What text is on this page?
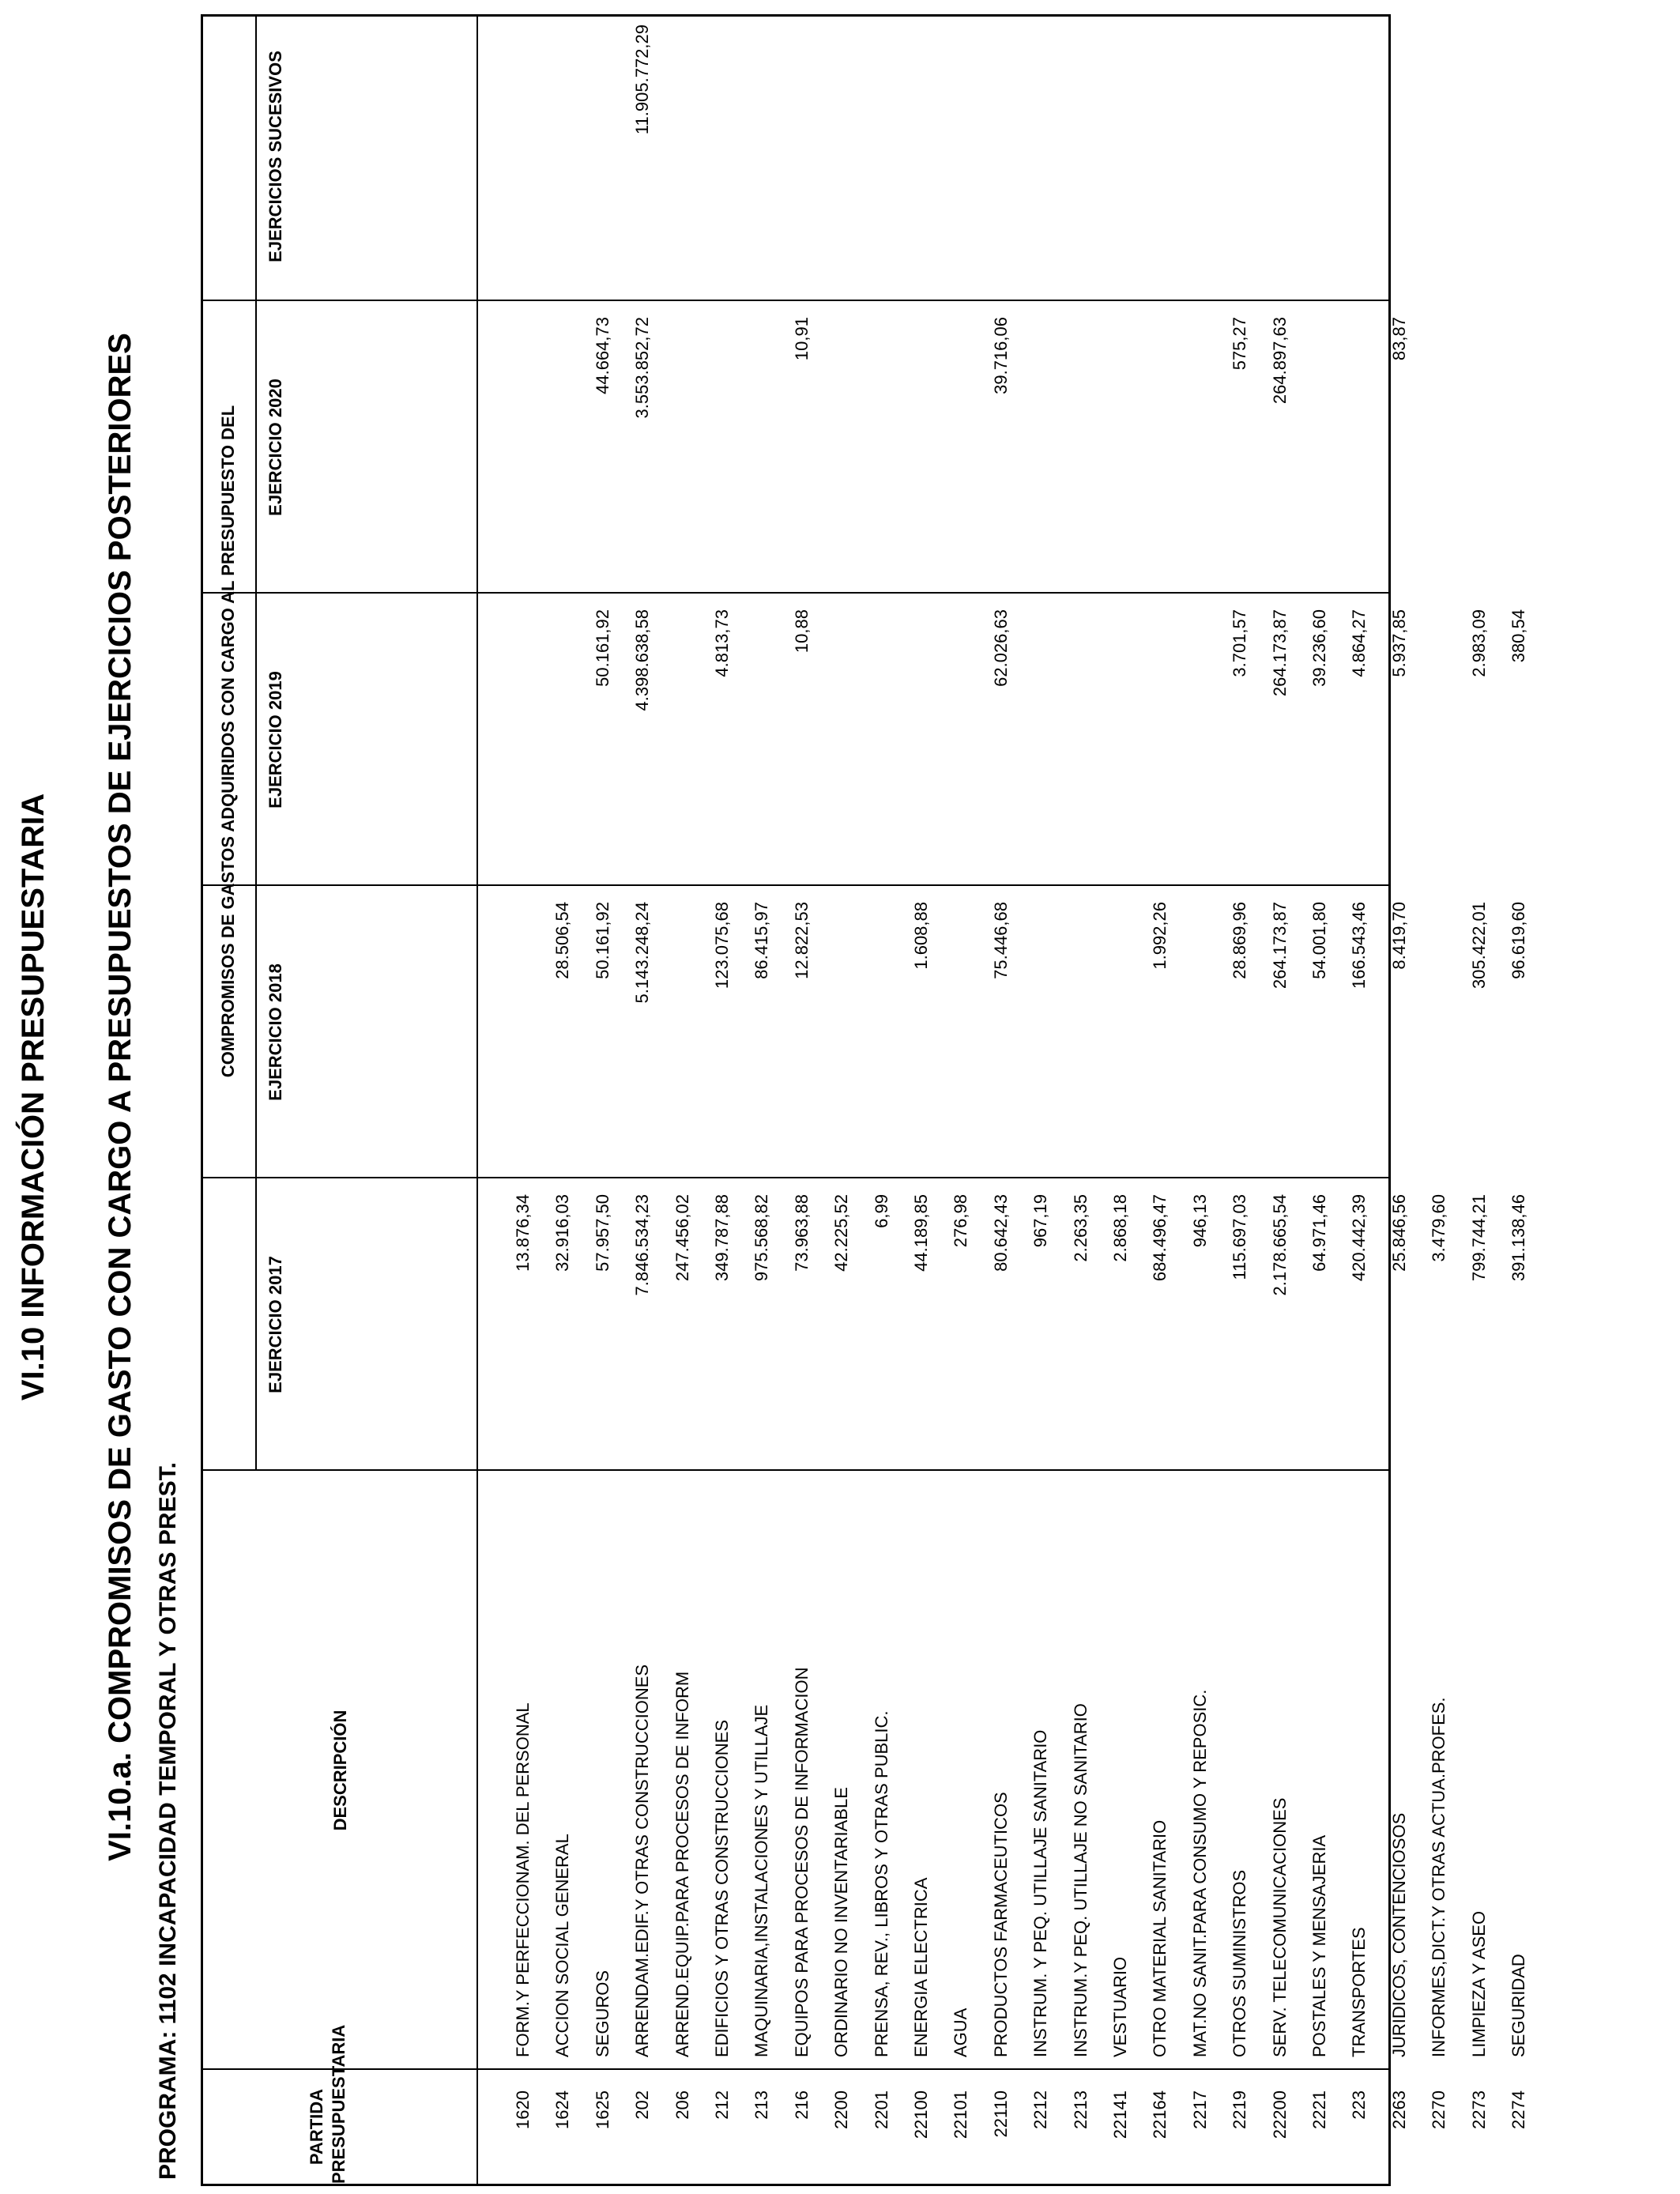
VI.10 INFORMACIÓN PRESUPUESTARIA VI.10.a. COMPROMISOS DE GASTO CON CARGO A PRESUPUESTOS DE EJERCICIOS POSTERIORES PROGRAMA: 1102 INCAPACIDAD TEMPORAL Y OTRAS PREST.	PARTIDA PRESUPUESTARIA
DESCRIPCIÓN
COMPROMISOS DE GASTOS ADQUIRIDOS CON CARGO AL PRESUPUESTO DEL
EJERCICIO 2017
EJERCICIO 2018
EJERCICIO 2019
EJERCICIO 2020
EJERCICIOS SUCESIVOS
1620
FORM.Y PERFECCIONAM. DEL PERSONAL
13.876,34
1624
ACCION SOCIAL GENERAL
32.916,03
28.506,54
1625
SEGUROS
57.957,50
50.161,92
50.161,92
44.664,73
202
ARRENDAM.EDIF.Y OTRAS CONSTRUCCIONES
7.846.534,23
5.143.248,24
4.398.638,58
3.553.852,72
11.905.772,29
206
ARREND.EQUIP.PARA PROCESOS DE INFORM
247.456,02
212
EDIFICIOS Y OTRAS CONSTRUCCIONES
349.787,88
123.075,68
4.813,73
213
MAQUINARIA,INSTALACIONES Y UTILLAJE
975.568,82
86.415,97
216
EQUIPOS PARA PROCESOS DE INFORMACION
73.963,88
12.822,53
10,88
10,91
2200
ORDINARIO NO INVENTARIABLE
42.225,52
2201
PRENSA, REV., LIBROS Y OTRAS PUBLIC.
6,99
22100
ENERGIA ELECTRICA
44.189,85
1.608,88
22101
AGUA
276,98
22110
PRODUCTOS FARMACEUTICOS
80.642,43
75.446,68
62.026,63
39.716,06
2212
INSTRUM. Y PEQ. UTILLAJE SANITARIO
967,19
2213
INSTRUM.Y PEQ. UTILLAJE NO SANITARIO
2.263,35
22141
VESTUARIO
2.868,18
22164
OTRO MATERIAL SANITARIO
684.496,47
1.992,26
2217
MAT.NO SANIT.PARA CONSUMO Y REPOSIC.
946,13
2219
OTROS SUMINISTROS
115.697,03
28.869,96
3.701,57
575,27
22200
SERV. TELECOMUNICACIONES
2.178.665,54
264.173,87
264.173,87
264.897,63
2221
POSTALES Y MENSAJERIA
64.971,46
54.001,80
39.236,60
223
TRANSPORTES
420.442,39
166.543,46
4.864,27
2263
JURIDICOS, CONTENCIOSOS
25.846,56
8.419,70
5.937,85
83,87
2270
INFORMES,DICT.Y OTRAS ACTUA.PROFES.
3.479,60
2273
LIMPIEZA Y ASEO
799.744,21
305.422,01
2.983,09
2274
SEGURIDAD
391.138,46
96.619,60
380,54
